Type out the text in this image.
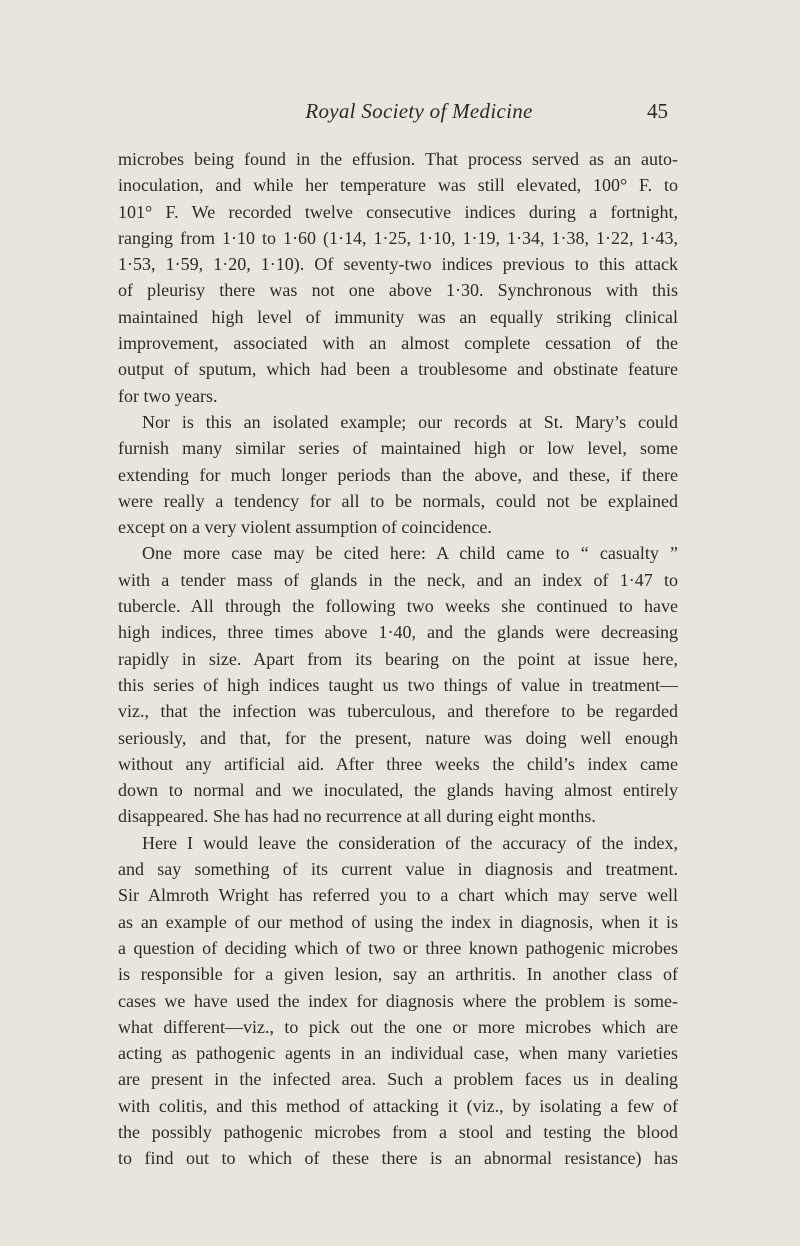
Royal Society of Medicine	45
microbes being found in the effusion. That process served as an auto-
inoculation, and while her temperature was still elevated, 100° F. to
101° F. We recorded twelve consecutive indices during a fortnight,
ranging from 1·10 to 1·60 (1·14, 1·25, 1·10, 1·19, 1·34, 1·38, 1·22, 1·43,
1·53, 1·59, 1·20, 1·10). Of seventy-two indices previous to this attack
of pleurisy there was not one above 1·30. Synchronous with this
maintained high level of immunity was an equally striking clinical
improvement, associated with an almost complete cessation of the
output of sputum, which had been a troublesome and obstinate feature
for two years.
Nor is this an isolated example; our records at St. Mary’s could
furnish many similar series of maintained high or low level, some
extending for much longer periods than the above, and these, if there
were really a tendency for all to be normals, could not be explained
except on a very violent assumption of coincidence.
One more case may be cited here: A child came to “ casualty ”
with a tender mass of glands in the neck, and an index of 1·47 to
tubercle. All through the following two weeks she continued to have
high indices, three times above 1·40, and the glands were decreasing
rapidly in size. Apart from its bearing on the point at issue here,
this series of high indices taught us two things of value in treatment—
viz., that the infection was tuberculous, and therefore to be regarded
seriously, and that, for the present, nature was doing well enough
without any artificial aid. After three weeks the child’s index came
down to normal and we inoculated, the glands having almost entirely
disappeared. She has had no recurrence at all during eight months.
Here I would leave the consideration of the accuracy of the index,
and say something of its current value in diagnosis and treatment.
Sir Almroth Wright has referred you to a chart which may serve well
as an example of our method of using the index in diagnosis, when it is
a question of deciding which of two or three known pathogenic microbes
is responsible for a given lesion, say an arthritis. In another class of
cases we have used the index for diagnosis where the problem is some-
what different—viz., to pick out the one or more microbes which are
acting as pathogenic agents in an individual case, when many varieties
are present in the infected area. Such a problem faces us in dealing
with colitis, and this method of attacking it (viz., by isolating a few of
the possibly pathogenic microbes from a stool and testing the blood
to find out to which of these there is an abnormal resistance) has
